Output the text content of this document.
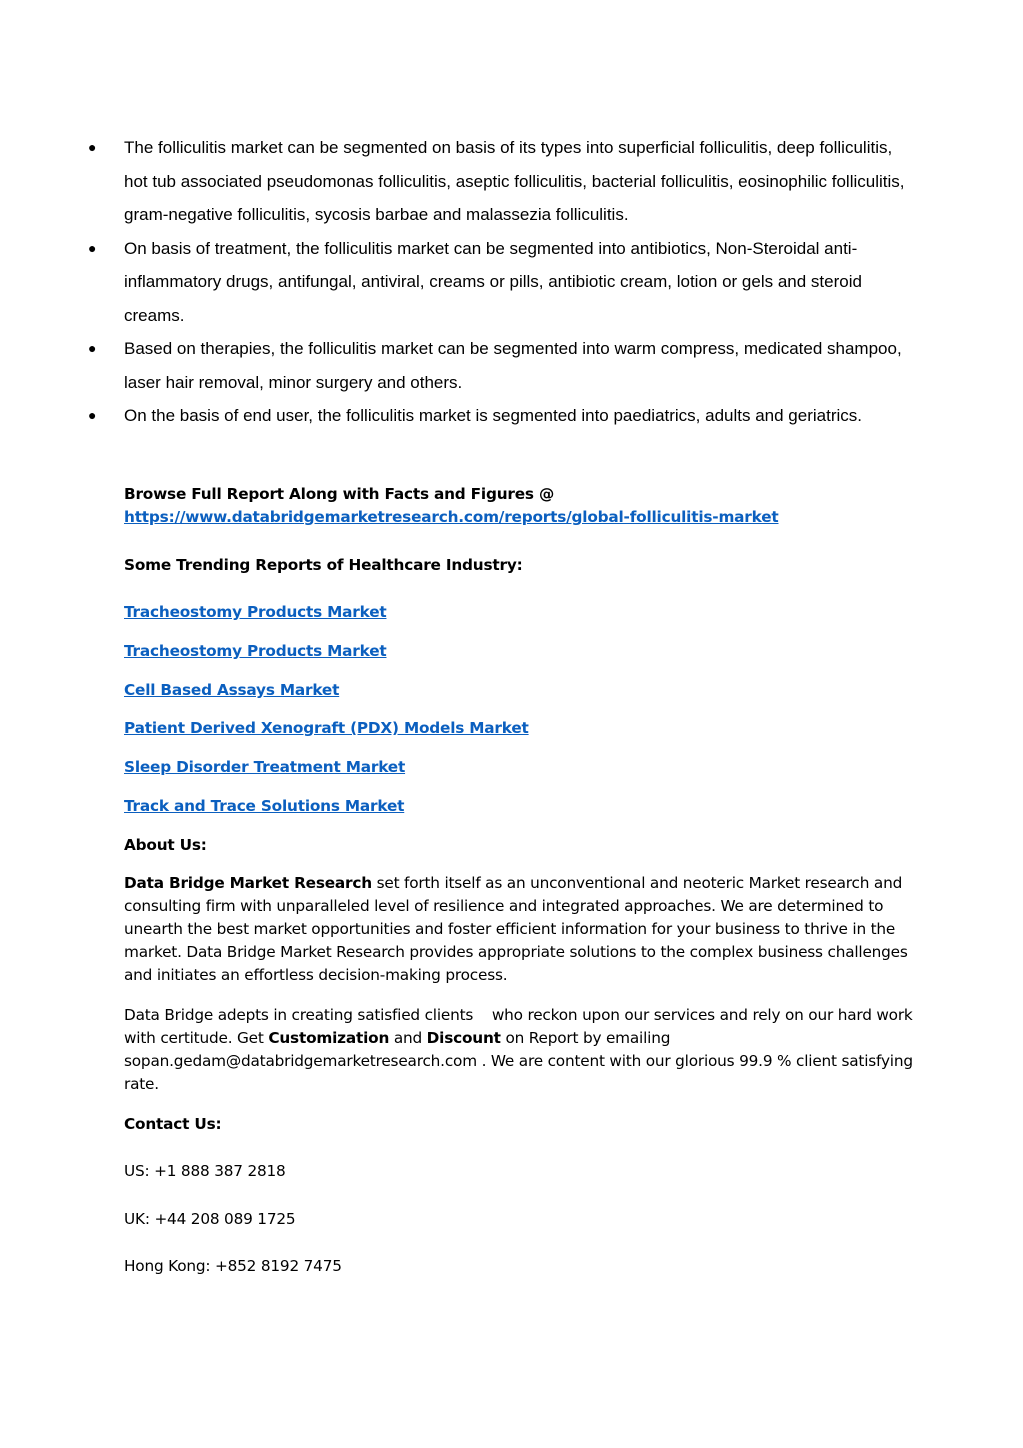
● The folliculitis market can be segmented on basis of its types into superficial folliculitis, deep folliculitis, hot tub associated pseudomonas folliculitis, aseptic folliculitis, bacterial folliculitis, eosinophilic folliculitis, gram-negative folliculitis, sycosis barbae and malassezia folliculitis.
● On basis of treatment, the folliculitis market can be segmented into antibiotics, Non-Steroidal anti-inflammatory drugs, antifungal, antiviral, creams or pills, antibiotic cream, lotion or gels and steroid creams.
● Based on therapies, the folliculitis market can be segmented into warm compress, medicated shampoo, laser hair removal, minor surgery and others.
● On the basis of end user, the folliculitis market is segmented into paediatrics, adults and geriatrics.

Browse Full Report Along with Facts and Figures @

https://www.databridgemarketresearch.com/reports/global-folliculitis-market

Some Trending Reports of Healthcare Industry:
Tracheostomy Products Market
Tracheostomy Products Market
Cell Based Assays Market
Patient Derived Xenograft (PDX) Models Market
Sleep Disorder Treatment Market
Track and Trace Solutions Market
About Us:

Data Bridge Market Research set forth itself as an unconventional and neoteric Market research and consulting firm with unparalleled level of resilience and integrated approaches. We are determined to unearth the best market opportunities and foster efficient information for your business to thrive in the market. Data Bridge Market Research provides appropriate solutions to the complex business challenges and initiates an effortless decision-making process.

Data Bridge adepts in creating satisfied clients    who reckon upon our services and rely on our hard work with certitude. Get Customization and Discount on Report by emailing sopan.gedam@databridgemarketresearch.com . We are content with our glorious 99.9 % client satisfying rate.

Contact Us:
US: +1 888 387 2818
UK: +44 208 089 1725
Hong Kong: +852 8192 7475
